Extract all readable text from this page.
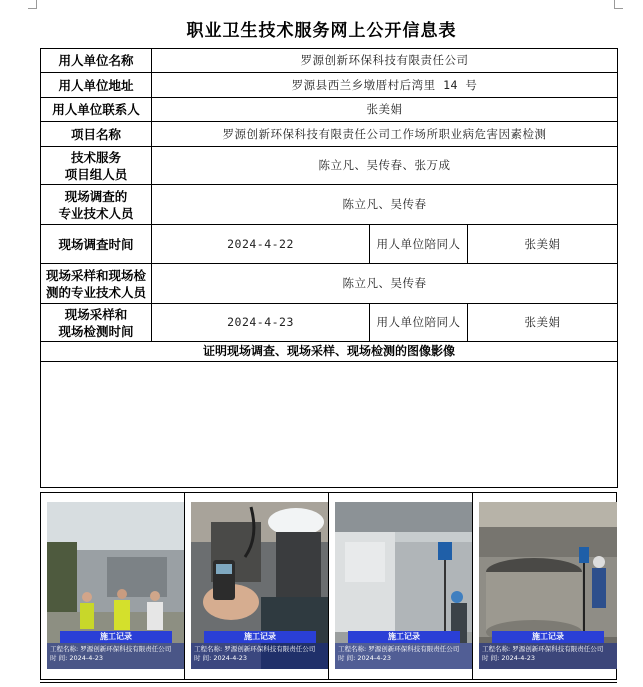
职业卫生技术服务网上公开信息表
用人单位名称	罗源创新环保科技有限责任公司		
用人单位地址	罗源县西兰乡墩厝村后湾里 14 号		
用人单位联系人	张美娟		
项目名称	罗源创新环保科技有限责任公司工作场所职业病危害因素检测		
技术服务
项目组人员	陈立凡、吴传春、张万成		
现场调查的
专业技术人员	陈立凡、吴传春		
现场调查时间	2024-4-22	用人单位陪同人	张美娟
现场采样和现场检
测的专业技术人员	陈立凡、吴传春		
现场采样和
现场检测时间	2024-4-23	用人单位陪同人	张美娟
证明现场调查、现场采样、现场检测的图像影像			

施工记录
工程名称: 罗源创新环保科技有限责任公司
时 间: 2024-4-23
施工记录
工程名称: 罗源创新环保科技有限责任公司
时 间: 2024-4-23
施工记录
工程名称: 罗源创新环保科技有限责任公司
时 间: 2024-4-23
施工记录
工程名称: 罗源创新环保科技有限责任公司
时 间: 2024-4-23
